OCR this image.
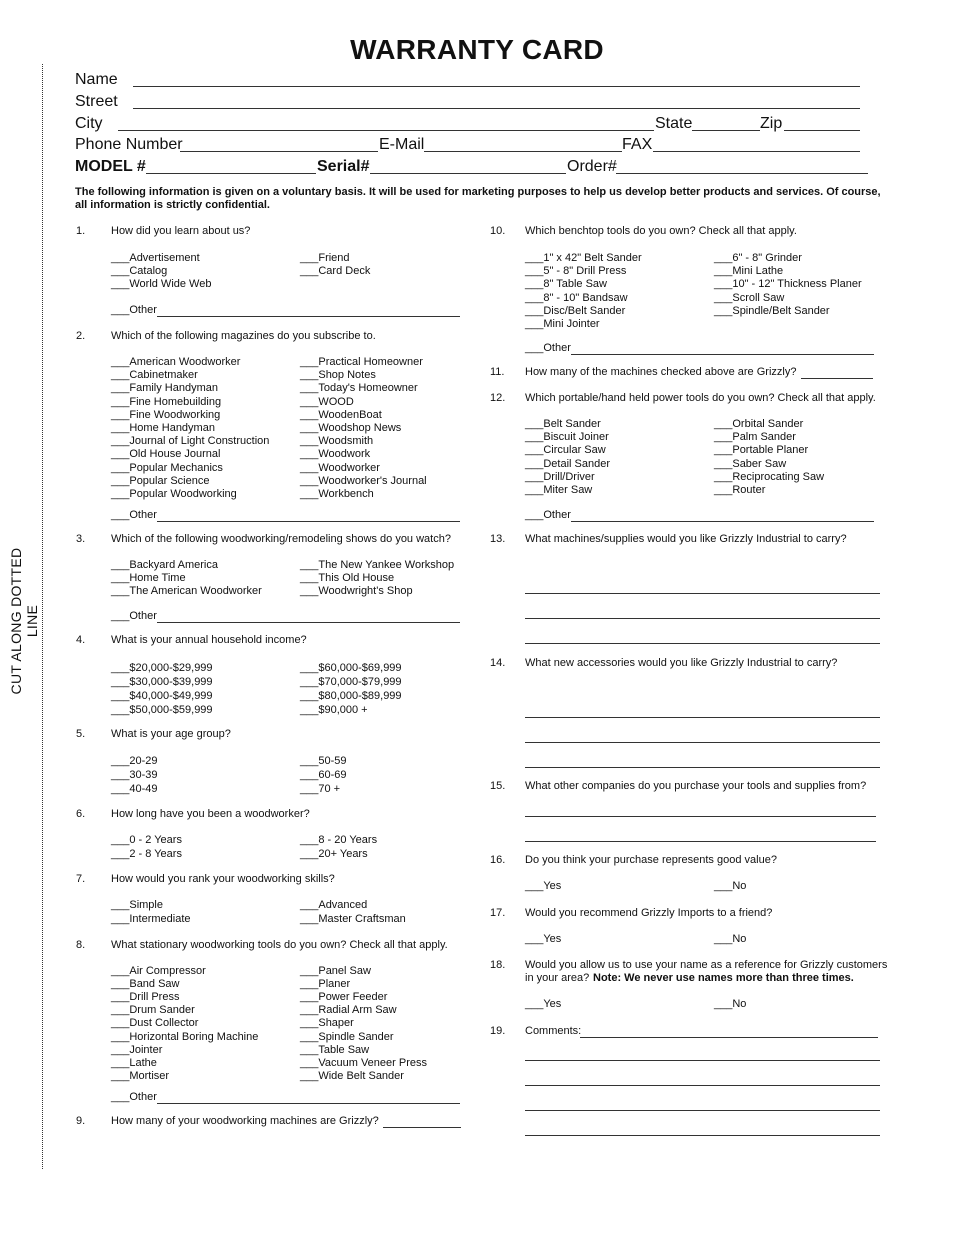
CUT ALONG DOTTED LINE
WARRANTY CARD
Name
Street
City	State	Zip
Phone Number	E-Mail	FAX
MODEL #	Serial#	Order#
The following information is given on a voluntary basis. It will be used for marketing purposes to help us develop better products and services. Of course, all information is strictly confidential.
1. How did you learn about us?
___Advertisement
___Catalog
___World Wide Web
___Friend
___Card Deck
___Other
2. Which of the following magazines do you subscribe to.
___American Woodworker
___Cabinetmaker
___Family Handyman
___Fine Homebuilding
___Fine Woodworking
___Home Handyman
___Journal of Light Construction
___Old House Journal
___Popular Mechanics
___Popular Science
___Popular Woodworking
___Practical Homeowner
___Shop Notes
___Today's Homeowner
___WOOD
___WoodenBoat
___Woodshop News
___Woodsmith
___Woodwork
___Woodworker
___Woodworker's Journal
___Workbench
___Other
3. Which of the following woodworking/remodeling shows do you watch?
___Backyard America
___Home Time
___The American Woodworker
___The New Yankee Workshop
___This Old House
___Woodwright's Shop
___Other
4. What is your annual household income?
___$20,000-$29,999
___$30,000-$39,999
___$40,000-$49,999
___$50,000-$59,999
___$60,000-$69,999
___$70,000-$79,999
___$80,000-$89,999
___$90,000 +
5. What is your age group?
___20-29
___30-39
___40-49
___50-59
___60-69
___70 +
6. How long have you been a woodworker?
___0 - 2 Years
___2 - 8 Years
___8 - 20 Years
___20+ Years
7. How would you rank your woodworking skills?
___Simple
___Intermediate
___Advanced
___Master Craftsman
8. What stationary woodworking tools do you own? Check all that apply.
___Air Compressor
___Band Saw
___Drill Press
___Drum Sander
___Dust Collector
___Horizontal Boring Machine
___Jointer
___Lathe
___Mortiser
___Panel Saw
___Planer
___Power Feeder
___Radial Arm Saw
___Shaper
___Spindle Sander
___Table Saw
___Vacuum Veneer Press
___Wide Belt Sander
___Other
9. How many of your woodworking machines are Grizzly?
10. Which benchtop tools do you own? Check all that apply.
___1" x 42" Belt Sander
___5" - 8" Drill Press
___8" Table Saw
___8" - 10" Bandsaw
___Disc/Belt Sander
___Mini Jointer
___6" - 8" Grinder
___Mini Lathe
___10" - 12" Thickness Planer
___Scroll Saw
___Spindle/Belt Sander
___Other
11. How many of the machines checked above are Grizzly?
12. Which portable/hand held power tools do you own? Check all that apply.
___Belt Sander
___Biscuit Joiner
___Circular Saw
___Detail Sander
___Drill/Driver
___Miter Saw
___Orbital Sander
___Palm Sander
___Portable Planer
___Saber Saw
___Reciprocating Saw
___Router
___Other
13. What machines/supplies would you like Grizzly Industrial to carry?
14. What new accessories would you like Grizzly Industrial to carry?
15. What other companies do you purchase your tools and supplies from?
16. Do you think your purchase represents good value?
___Yes	___No
17. Would you recommend Grizzly Imports to a friend?
___Yes	___No
18. Would you allow us to use your name as a reference for Grizzly customers
in your area? Note: We never use names more than three times.
___Yes	___No
19. Comments:
